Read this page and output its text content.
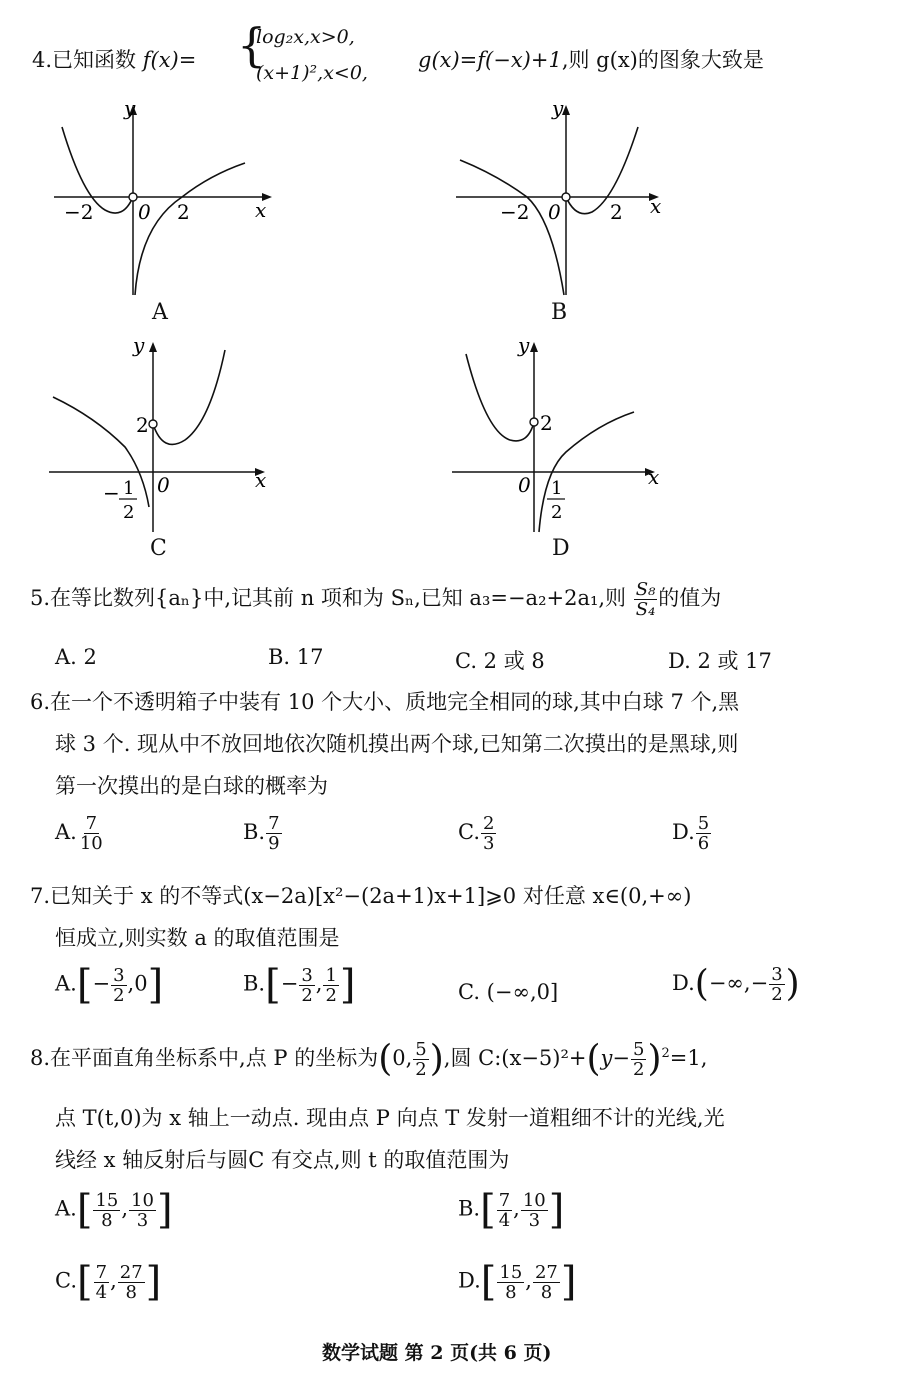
4.已知函数 f(x)= {
log₂x,x>0,
(x+1)²,x<0,
g(x)=f(−x)+1,则 g(x)的图象大致是
y
x
−2 0 2
A
y
x
−2 0 2
B
y
x
2
0
− 1
2
C
y
x
2
0 1
2
D
5.在等比数列{aₙ}中,记其前 n 项和为 Sₙ,已知 a₃=−a₂+2a₁,则 $\frac{\text{S₈}}{\text{S₄}}$ 的值为
A. 2	B. 17	C. 2 或 8	D. 2 或 17
6.在一个不透明箱子中装有 10 个大小、质地完全相同的球,其中白球 7 个,黑
球 3 个. 现从中不放回地依次随机摸出两个球,已知第二次摸出的是黑球,则
第一次摸出的是白球的概率为
A. $\frac{7}{10}$	B. $\frac{7}{9}$	C. $\frac{2}{3}$	D. $\frac{5}{6}$
7.已知关于 x 的不等式(x−2a)[x²−(2a+1)x+1]⩾0 对任意 x∈(0,+∞)
恒成立,则实数 a 的取值范围是
$A.[- \frac{3}{2} ,0]$	$B.[- \frac{3}{2}$ , $\frac{1}{2}$ ]	C. (−∞,0]	$D.(-\infty,- \frac{3}{2}$ )
8.在平面直角坐标系中,点 P 的坐标为(0, $\frac{5}{2}$ ),圆 C:(x−5)²+(y− $\frac{5}{2} )^2=1$,
点 T(t,0)为 x 轴上一动点. 现由点 P 向点 T 发射一道粗细不计的光线,光
线经 x 轴反射后与圆C 有交点,则 t 的取值范围为
$A.[ \frac{15}{8}$ , $\frac{10}{3}$ ]	$B.[ \frac{7}{4}$ , $\frac{10}{3}$ ]
$C.[ \frac{7}{4}$ , $\frac{27}{8}$ ]	$D.[ \frac{15}{8}$ , $\frac{27}{8}$ ]
数学试题 第 2 页(共 6 页)
